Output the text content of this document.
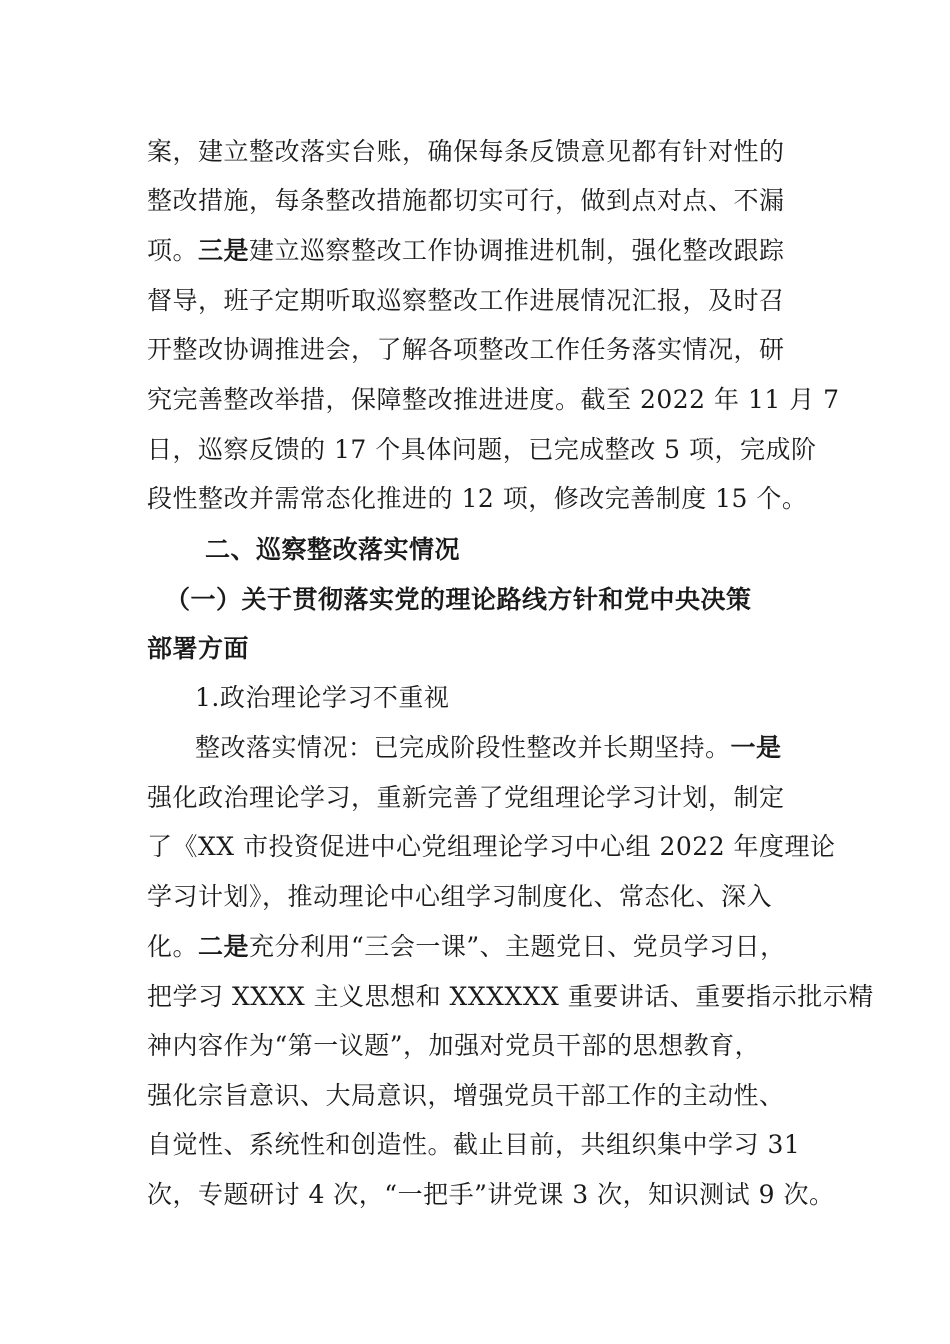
案，建立整改落实台账，确保每条反馈意见都有针对性的
整改措施，每条整改措施都切实可行，做到点对点、不漏
项。三是建立巡察整改工作协调推进机制，强化整改跟踪
督导，班子定期听取巡察整改工作进展情况汇报，及时召
开整改协调推进会，了解各项整改工作任务落实情况，研
究完善整改举措，保障整改推进进度。截至 2022 年 11 月 7
日，巡察反馈的 17 个具体问题，已完成整改 5 项，完成阶
段性整改并需常态化推进的 12 项，修改完善制度 15 个。
二、巡察整改落实情况
（一）关于贯彻落实党的理论路线方针和党中央决策
部署方面
1.政治理论学习不重视
整改落实情况：已完成阶段性整改并长期坚持。一是
强化政治理论学习，重新完善了党组理论学习计划，制定
了《XX 市投资促进中心党组理论学习中心组 2022 年度理论
学习计划》，推动理论中心组学习制度化、常态化、深入
化。二是充分利用“三会一课”、主题党日、党员学习日，
把学习 XXXX 主义思想和 XXXXXX 重要讲话、重要指示批示精
神内容作为“第一议题”，加强对党员干部的思想教育，
强化宗旨意识、大局意识，增强党员干部工作的主动性、
自觉性、系统性和创造性。截止目前，共组织集中学习 31
次，专题研讨 4 次，“一把手”讲党课 3 次，知识测试 9 次。
